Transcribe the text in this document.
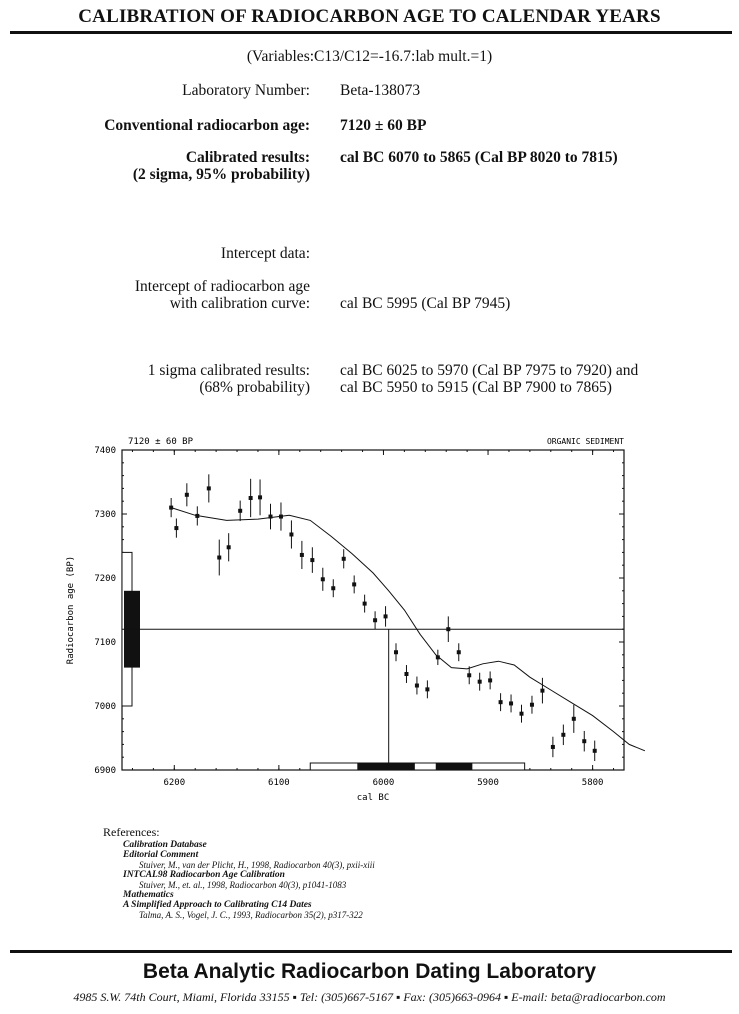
CALIBRATION OF RADIOCARBON AGE TO CALENDAR YEARS
(Variables:C13/C12=-16.7:lab mult.=1)
Laboratory Number: Beta-138073
Conventional radiocarbon age: 7120 ± 60 BP
Calibrated results:
(2 sigma, 95% probability)
cal BC 6070 to 5865 (Cal BP 8020 to 7815)
Intercept data:
Intercept of radiocarbon age
with calibration curve: cal BC 5995 (Cal BP 7945)
1 sigma calibrated results:
(68% probability)
cal BC 6025 to 5970 (Cal BP 7975 to 7920) and
cal BC 5950 to 5915 (Cal BP 7900 to 7865)
7120 ± 60 BP	ORGANIC SEDIMENT
6900
7000
7100
7200
7300
7400
6200	6100	6000	5900	5800
cal BC
Radiocarbon age (BP)
References:
Calibration Database
Editorial Comment
Stuiver, M., van der Plicht, H., 1998, Radiocarbon 40(3), pxii-xiii
INTCAL98 Radiocarbon Age Calibration
Stuiver, M., et. al., 1998, Radiocarbon 40(3), p1041-1083
Mathematics
A Simplified Approach to Calibrating C14 Dates
Talma, A. S., Vogel, J. C., 1993, Radiocarbon 35(2), p317-322
Beta Analytic Radiocarbon Dating Laboratory
4985 S.W. 74th Court, Miami, Florida 33155 ▪ Tel: (305)667-5167 ▪ Fax: (305)663-0964 ▪ E-mail: beta@radiocarbon.com
